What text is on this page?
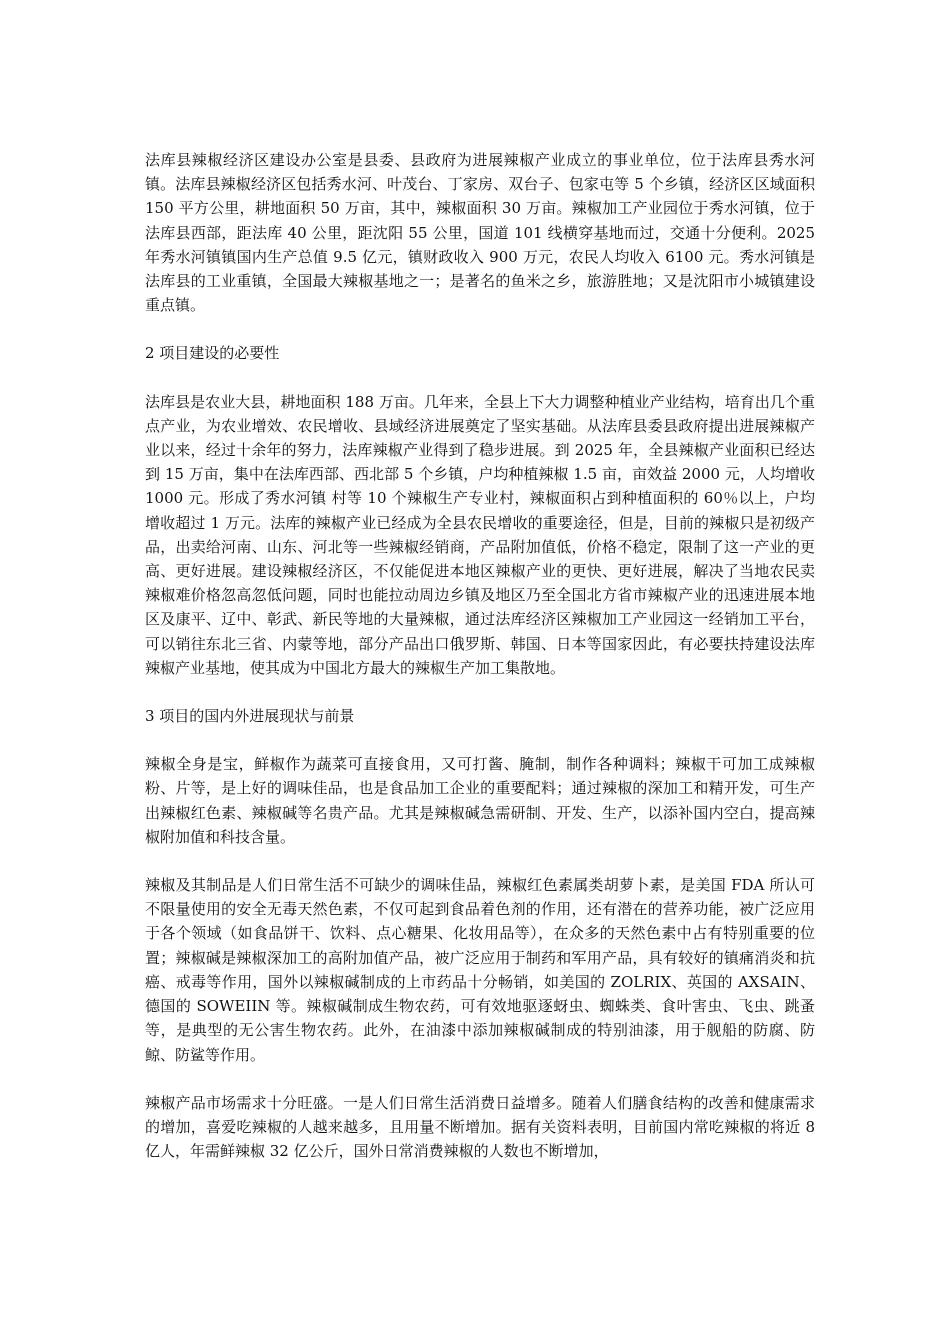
法库县辣椒经济区建设办公室是县委、县政府为进展辣椒产业成立的事业单位，位于法库县秀水河镇。法库县辣椒经济区包括秀水河、叶茂台、丁家房、双台子、包家屯等 5 个乡镇，经济区区域面积 150 平方公里，耕地面积 50 万亩，其中，辣椒面积 30 万亩。辣椒加工产业园位于秀水河镇，位于法库县西部，距法库 40 公里，距沈阳 55 公里，国道 101 线横穿基地而过，交通十分便利。2025 年秀水河镇镇国内生产总值 9.5 亿元，镇财政收入 900 万元，农民人均收入 6100 元。秀水河镇是法库县的工业重镇，全国最大辣椒基地之一；是著名的鱼米之乡，旅游胜地；又是沈阳市小城镇建设重点镇。

2 项目建设的必要性

法库县是农业大县，耕地面积 188 万亩。几年来，全县上下大力调整种植业产业结构，培育出几个重点产业，为农业增效、农民增收、县域经济进展奠定了坚实基础。从法库县委县政府提出进展辣椒产业以来，经过十余年的努力，法库辣椒产业得到了稳步进展。到 2025 年，全县辣椒产业面积已经达到 15 万亩，集中在法库西部、西北部 5 个乡镇，户均种植辣椒 1.5 亩，亩效益 2000 元，人均增收 1000 元。形成了秀水河镇 村等 10 个辣椒生产专业村，辣椒面积占到种植面积的 60％以上，户均增收超过 1 万元。法库的辣椒产业已经成为全县农民增收的重要途径，但是，目前的辣椒只是初级产品，出卖给河南、山东、河北等一些辣椒经销商，产品附加值低，价格不稳定，限制了这一产业的更高、更好进展。建设辣椒经济区，不仅能促进本地区辣椒产业的更快、更好进展，解决了当地农民卖辣椒难价格忽高忽低问题，同时也能拉动周边乡镇及地区乃至全国北方省市辣椒产业的迅速进展本地区及康平、辽中、彰武、新民等地的大量辣椒，通过法库经济区辣椒加工产业园这一经销加工平台，可以销往东北三省、内蒙等地，部分产品出口俄罗斯、韩国、日本等国家因此，有必要扶持建设法库辣椒产业基地，使其成为中国北方最大的辣椒生产加工集散地。

3 项目的国内外进展现状与前景

辣椒全身是宝，鲜椒作为蔬菜可直接食用，又可打酱、腌制，制作各种调料；辣椒干可加工成辣椒粉、片等，是上好的调味佳品，也是食品加工企业的重要配料；通过辣椒的深加工和精开发，可生产出辣椒红色素、辣椒碱等名贵产品。尤其是辣椒碱急需研制、开发、生产，以添补国内空白，提高辣椒附加值和科技含量。

辣椒及其制品是人们日常生活不可缺少的调味佳品，辣椒红色素属类胡萝卜素，是美国 FDA 所认可不限量使用的安全无毒天然色素，不仅可起到食品着色剂的作用，还有潜在的营养功能，被广泛应用于各个领域（如食品饼干、饮料、点心糖果、化妆用品等），在众多的天然色素中占有特别重要的位置；辣椒碱是辣椒深加工的高附加值产品，被广泛应用于制药和军用产品，具有较好的镇痛消炎和抗癌、戒毒等作用，国外以辣椒碱制成的上市药品十分畅销，如美国的 ZOLRIX、英国的 AXSAIN、德国的 SOWEIIN 等。辣椒碱制成生物农药，可有效地驱逐蚜虫、蜘蛛类、食叶害虫、飞虫、跳蚤等，是典型的无公害生物农药。此外，在油漆中添加辣椒碱制成的特别油漆，用于舰船的防腐、防鲸、防鲨等作用。

辣椒产品市场需求十分旺盛。一是人们日常生活消费日益增多。随着人们膳食结构的改善和健康需求的增加，喜爱吃辣椒的人越来越多，且用量不断增加。据有关资料表明，目前国内常吃辣椒的将近 8 亿人，年需鲜辣椒 32 亿公斤，国外日常消费辣椒的人数也不断增加，
